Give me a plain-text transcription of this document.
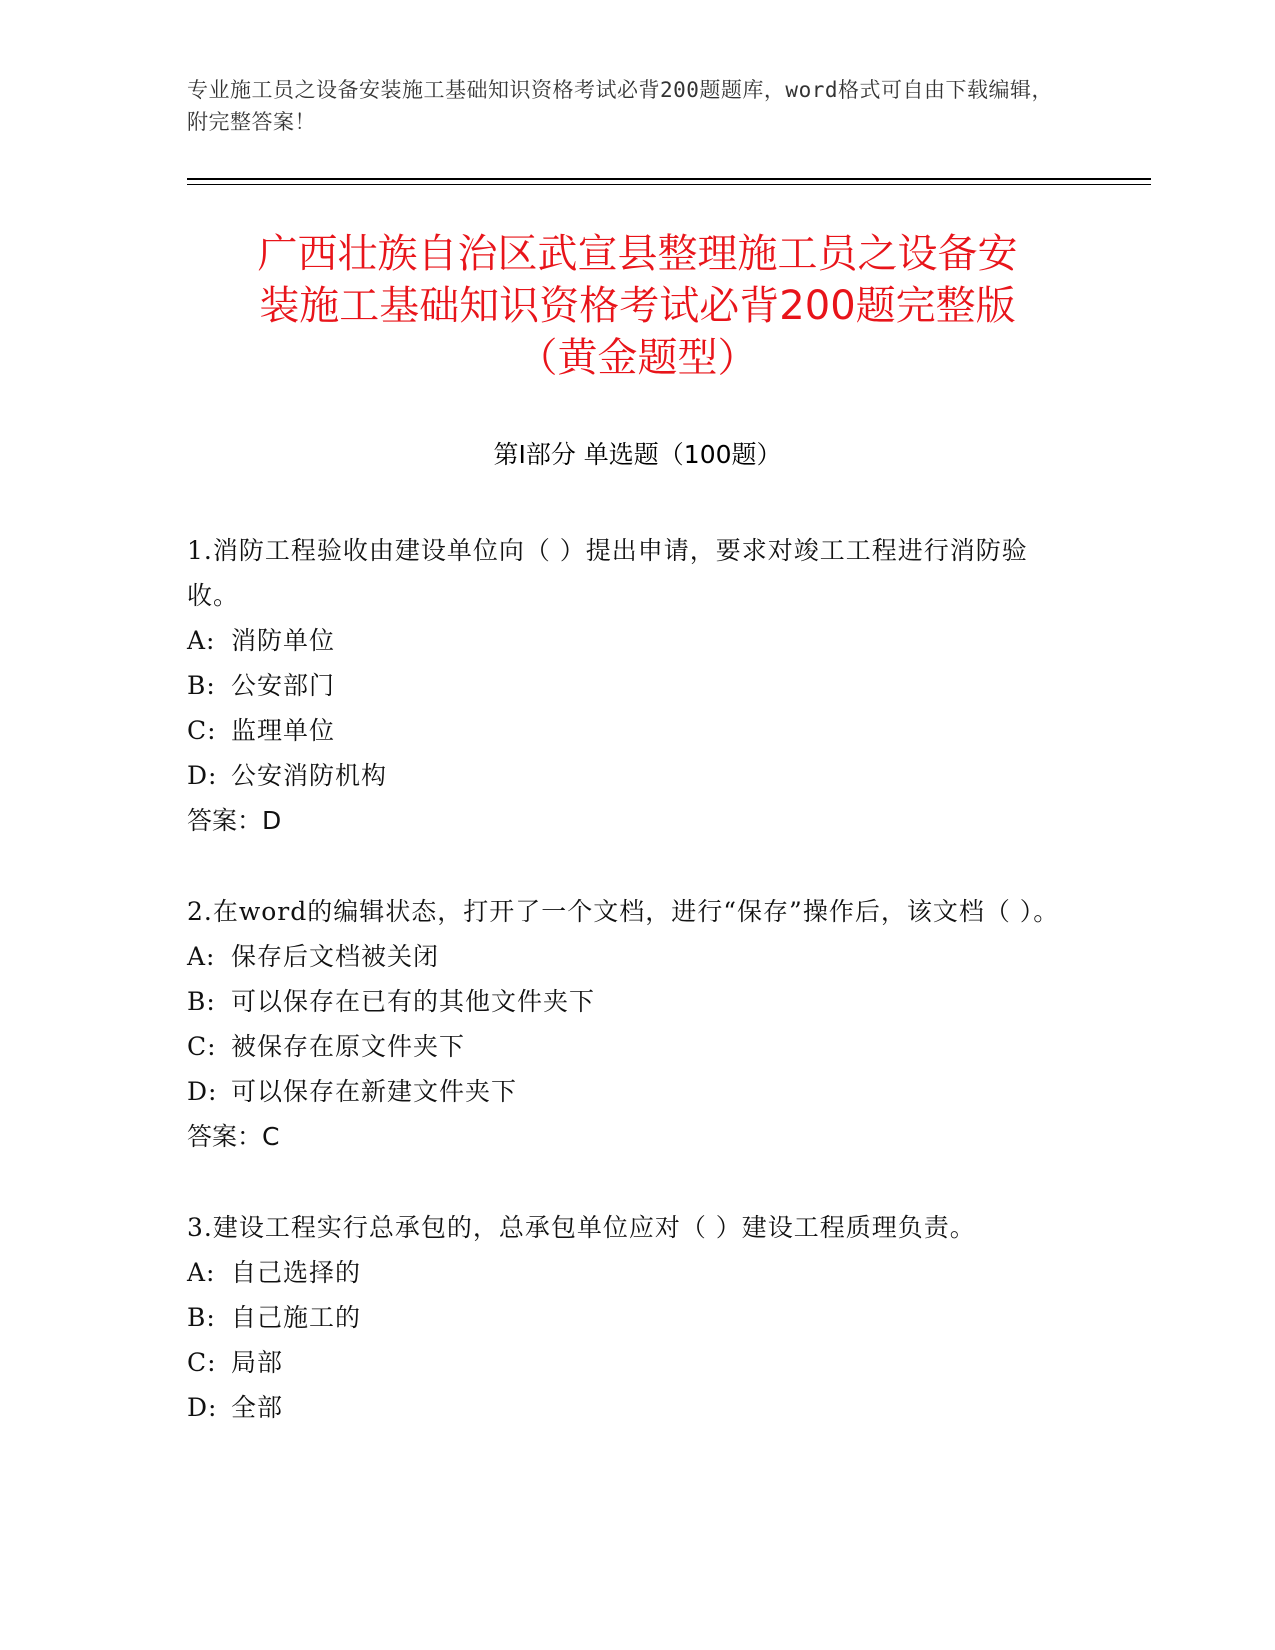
专业施工员之设备安装施工基础知识资格考试必背200题题库，word格式可自由下载编辑，附完整答案！
广西壮族自治区武宣县整理施工员之设备安
装施工基础知识资格考试必背200题完整版
（黄金题型）
第Ⅰ部分 单选题（100题）
1.消防工程验收由建设单位向（ ）提出申请，要求对竣工工程进行消防验收。
A: 消防单位
B: 公安部门
C: 监理单位
D: 公安消防机构
答案：D
2.在word的编辑状态，打开了一个文档，进行“保存”操作后，该文档（ ）。
A: 保存后文档被关闭
B: 可以保存在已有的其他文件夹下
C: 被保存在原文件夹下
D: 可以保存在新建文件夹下
答案：C
3.建设工程实行总承包的，总承包单位应对（ ）建设工程质理负责。
A: 自己选择的
B: 自己施工的
C: 局部
D: 全部
